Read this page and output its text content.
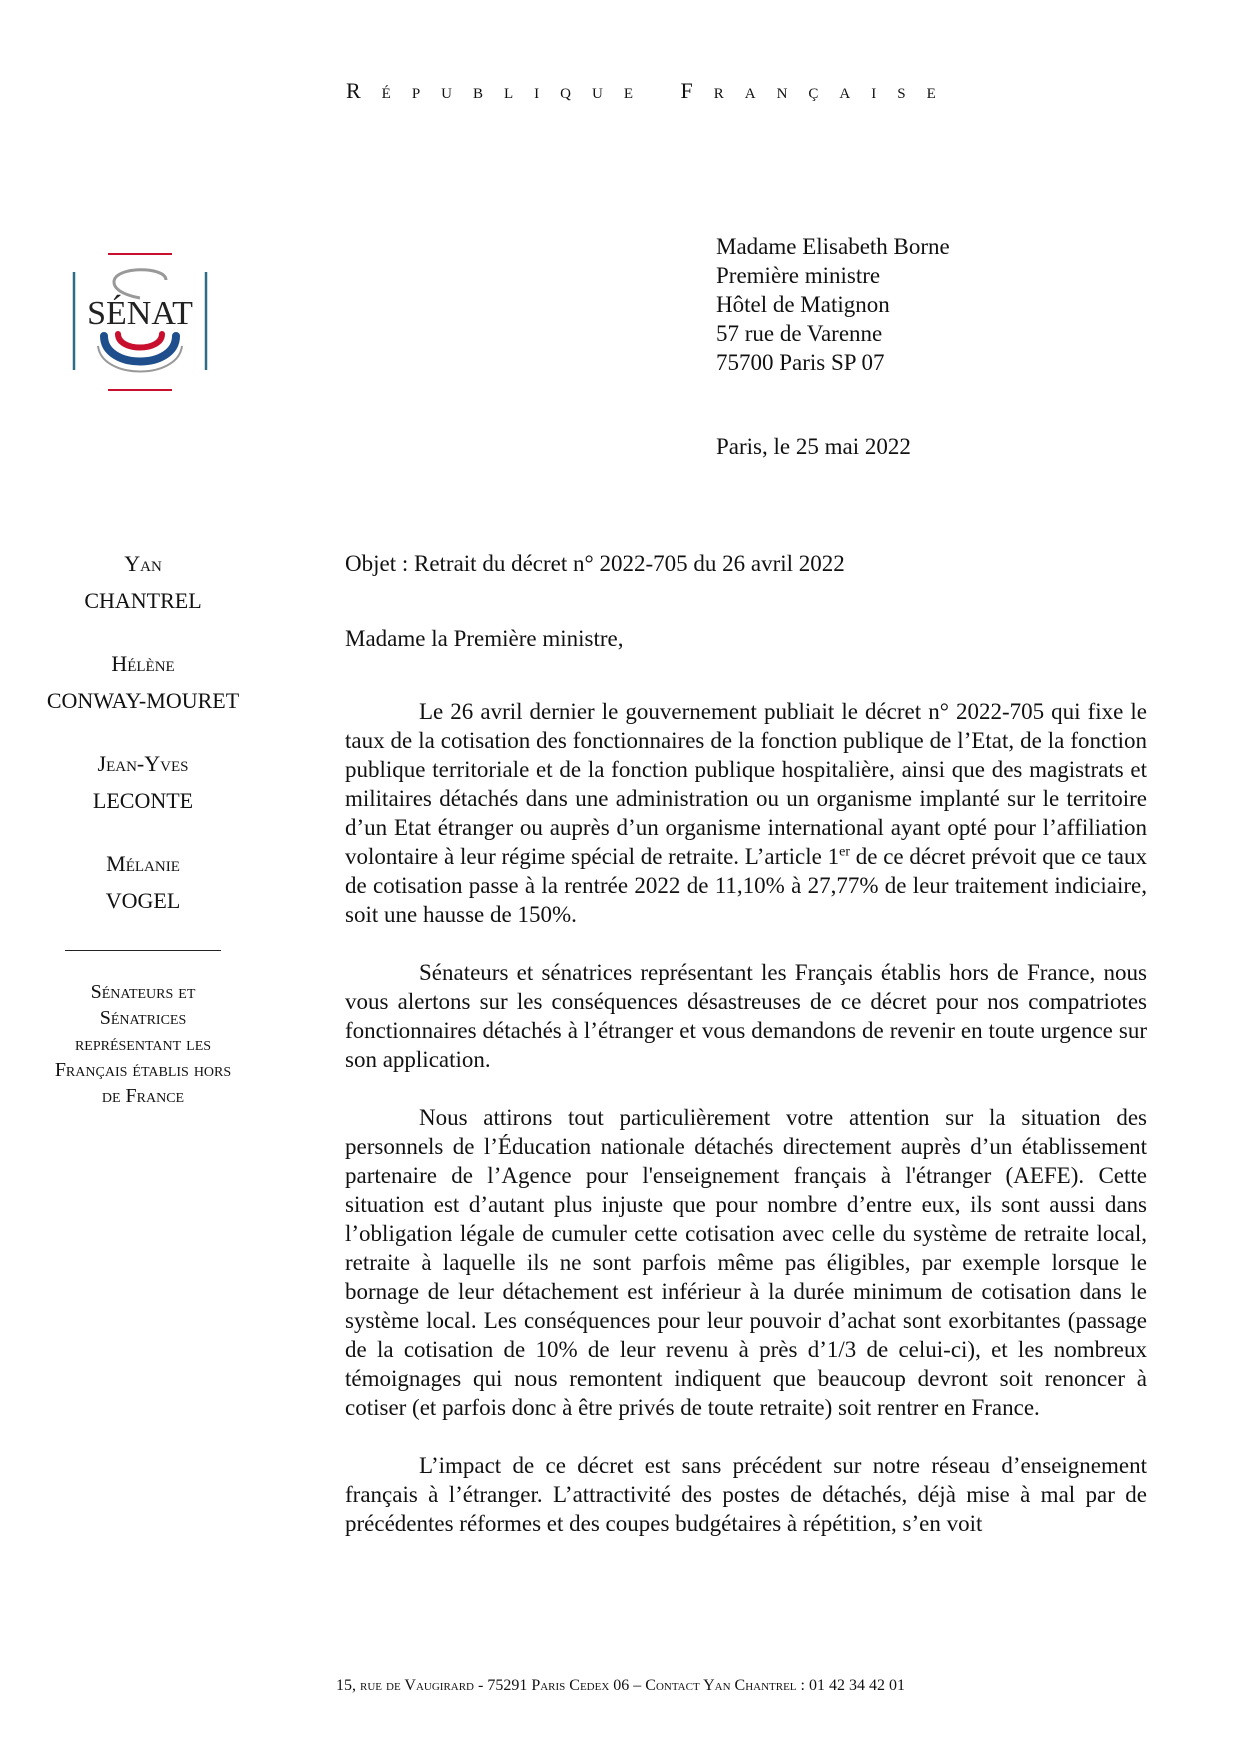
République Française
SÉNAT
Madame Elisabeth Borne
Première ministre
Hôtel de Matignon
57 rue de Varenne
75700 Paris SP 07
Paris, le 25 mai 2022
Yan
CHANTREL
Hélène
CONWAY-MOURET
Jean-Yves
LECONTE
Mélanie
VOGEL
Sénateurs et Sénatrices représentant les Français établis hors de France

Objet : Retrait du décret n° 2022-705 du 26 avril 2022

Madame la Première ministre,

Le 26 avril dernier le gouvernement publiait le décret n° 2022-705 qui fixe le taux de la cotisation des fonctionnaires de la fonction publique de l’Etat, de la fonction publique territoriale et de la fonction publique hospitalière, ainsi que des magistrats et militaires détachés dans une administration ou un organisme implanté sur le territoire d’un Etat étranger ou auprès d’un organisme international ayant opté pour l’affiliation volontaire à leur régime spécial de retraite. L’article 1er de ce décret prévoit que ce taux de cotisation passe à la rentrée 2022 de 11,10% à 27,77% de leur traitement indiciaire, soit une hausse de 150%.

Sénateurs et sénatrices représentant les Français établis hors de France, nous vous alertons sur les conséquences désastreuses de ce décret pour nos compatriotes fonctionnaires détachés à l’étranger et vous demandons de revenir en toute urgence sur son application.

Nous attirons tout particulièrement votre attention sur la situation des personnels de l’Éducation nationale détachés directement auprès d’un établissement partenaire de l’Agence pour l'enseignement français à l'étranger (AEFE). Cette situation est d’autant plus injuste que pour nombre d’entre eux, ils sont aussi dans l’obligation légale de cumuler cette cotisation avec celle du système de retraite local, retraite à laquelle ils ne sont parfois même pas éligibles, par exemple lorsque le bornage de leur détachement est inférieur à la durée minimum de cotisation dans le système local. Les conséquences pour leur pouvoir d’achat sont exorbitantes (passage de la cotisation de 10% de leur revenu à près d’1/3 de celui-ci), et les nombreux témoignages qui nous remontent indiquent que beaucoup devront soit renoncer à cotiser (et parfois donc à être privés de toute retraite) soit rentrer en France.

L’impact de ce décret est sans précédent sur notre réseau d’enseignement français à l’étranger. L’attractivité des postes de détachés, déjà mise à mal par de précédentes réformes et des coupes budgétaires à répétition, s’en voit

15, rue de Vaugirard - 75291 Paris Cedex 06 – Contact Yan Chantrel : 01 42 34 42 01
